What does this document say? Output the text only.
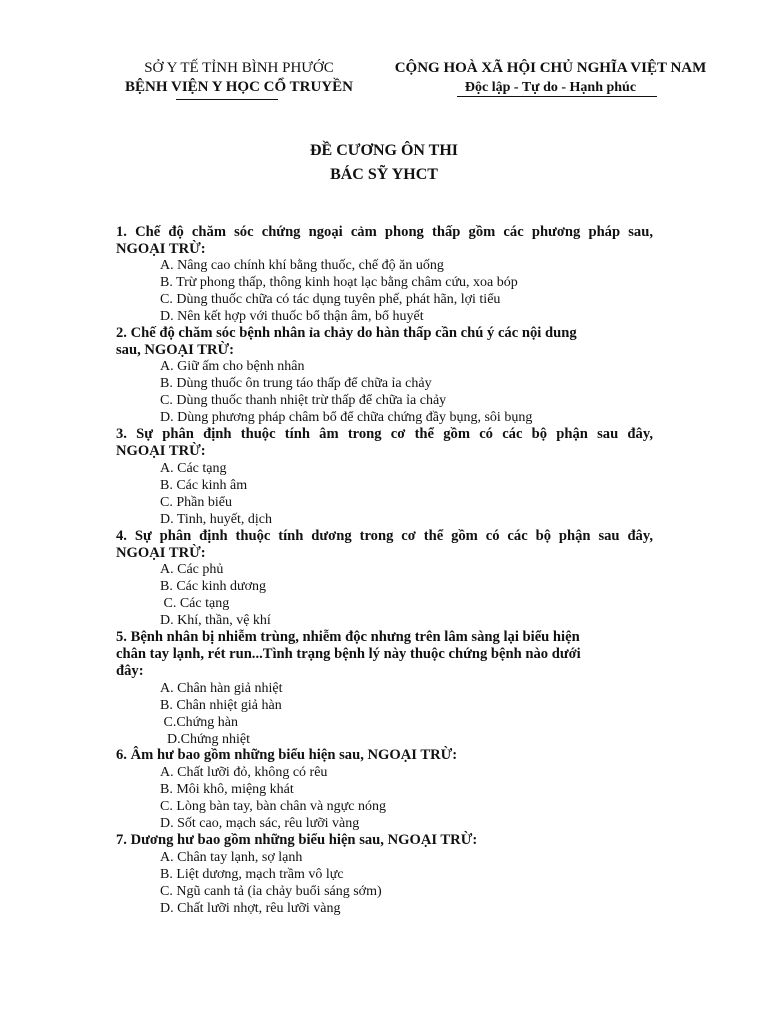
SỞ Y TẾ TỈNH BÌNH PHƯỚC
BỆNH VIỆN Y HỌC CỔ TRUYỀN
CỘNG HOÀ XÃ HỘI CHỦ NGHĨA VIỆT NAM
Độc lập - Tự do - Hạnh phúc
ĐỀ CƯƠNG ÔN THI
BÁC SỸ YHCT
1. Chế độ chăm sóc chứng ngoại cảm phong thấp gồm các phương pháp sau,
NGOẠI TRỪ:
A. Nâng cao chính khí bằng thuốc, chế độ ăn uống
B. Trừ phong thấp, thông kinh hoạt lạc bằng châm cứu, xoa bóp
C. Dùng thuốc chữa có tác dụng tuyên phế, phát hãn, lợi tiểu
D. Nên kết hợp với thuốc bổ thận âm, bổ huyết
2. Chế độ chăm sóc bệnh nhân ỉa chảy do hàn thấp cần chú ý các nội dung
sau, NGOẠI TRỪ:
A. Giữ ấm cho bệnh nhân
B. Dùng thuốc ôn trung táo thấp để chữa ỉa chảy
C. Dùng thuốc thanh nhiệt trừ thấp để chữa ỉa chảy
D. Dùng phương pháp châm bổ để chữa chứng đầy bụng, sôi bụng
3. Sự phân định thuộc tính âm trong cơ thể gồm có các bộ phận sau đây,
NGOẠI TRỪ:
A. Các tạng
B. Các kinh âm
C. Phần biểu
D. Tinh, huyết, dịch
4. Sự phân định thuộc tính dương trong cơ thể gồm có các bộ phận sau đây,
NGOẠI TRỪ:
A. Các phủ
B. Các kinh dương
C. Các tạng
D. Khí, thần, vệ khí
5. Bệnh nhân bị nhiễm trùng, nhiễm độc nhưng trên lâm sàng lại biểu hiện
chân tay lạnh, rét run...Tình trạng bệnh lý này thuộc chứng bệnh nào dưới
đây:
A. Chân hàn giả nhiệt
B. Chân nhiệt giả hàn
C.Chứng hàn
D.Chứng nhiệt
6. Âm hư bao gồm những biểu hiện sau, NGOẠI TRỪ:
A. Chất lưỡi đỏ, không có rêu
B. Môi khô, miệng khát
C. Lòng bàn tay, bàn chân và ngực nóng
D. Sốt cao, mạch sác, rêu lưỡi vàng
7. Dương hư bao gồm những biểu hiện sau, NGOẠI TRỪ:
A. Chân tay lạnh, sợ lạnh
B. Liệt dương, mạch trầm vô lực
C. Ngũ canh tả (ỉa chảy buổi sáng sớm)
D. Chất lưỡi nhợt, rêu lưỡi vàng
